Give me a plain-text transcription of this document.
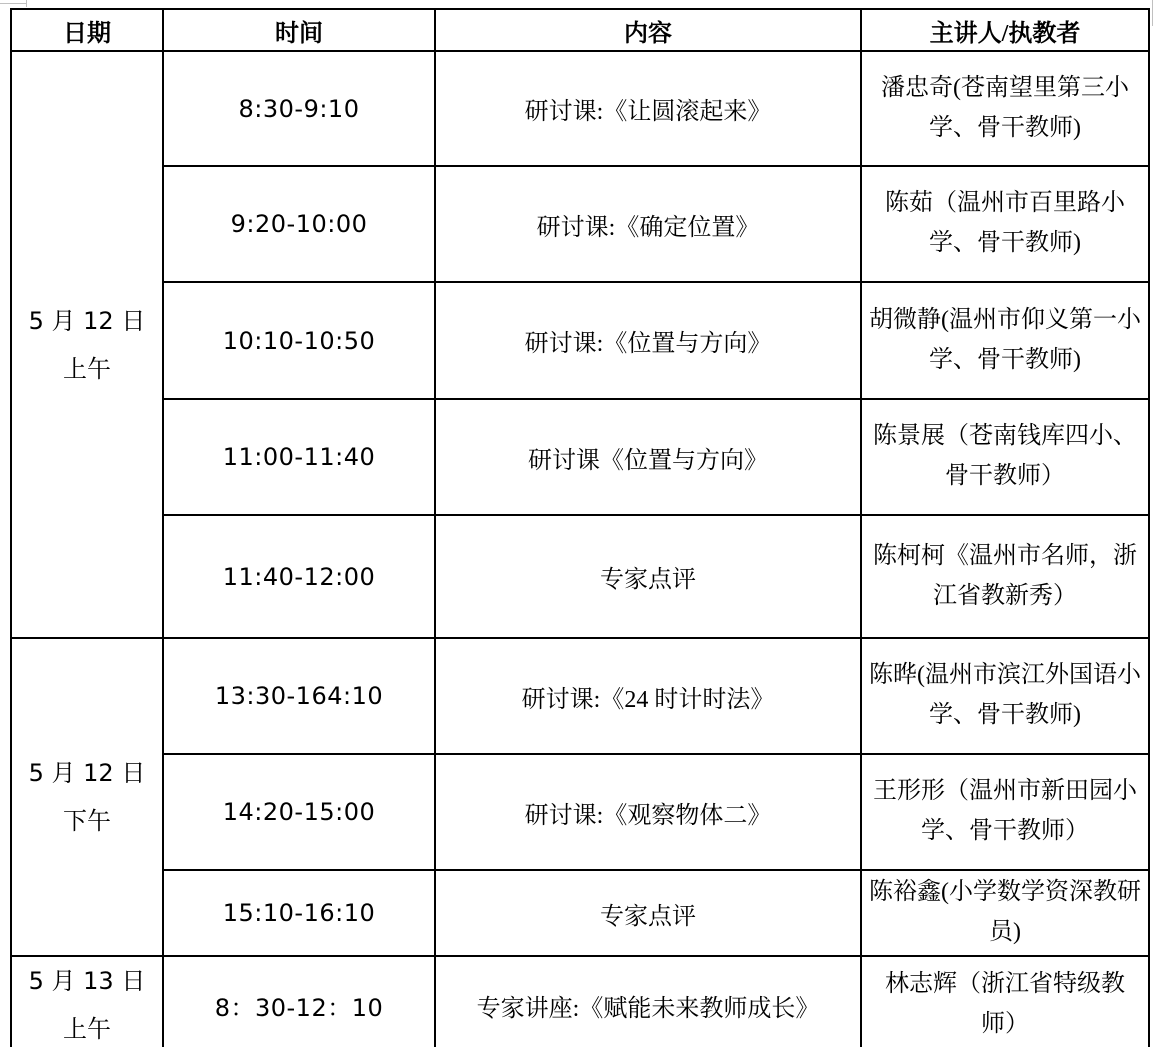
日期	时间	内容	主讲人/执教者

5 月 12 日
上午	8:30-9:10	研讨课:《让圆滚起来》	潘忠奇(苍南望里第三小学、骨干教师)
	9:20-10:00	研讨课:《确定位置》	陈茹（温州市百里路小学、骨干教师)
	10:10-10:50	研讨课:《位置与方向》	胡微静(温州市仰义第一小学、骨干教师)
	11:00-11:40	研讨课《位置与方向》	陈景展（苍南钱库四小、骨干教师）
	11:40-12:00	专家点评	陈柯柯《温州市名师，浙江省教新秀）

5 月 12 日
下午	13:30-164:10	研讨课:《24 时计时法》	陈晔(温州市滨江外国语小学、骨干教师)
	14:20-15:00	研讨课:《观察物体二》	王形形（温州市新田园小学、骨干教师）
	15:10-16:10	专家点评	陈裕鑫(小学数学资深教研员)

5 月 13 日
上午	8：30-12：10	专家讲座:《赋能未来教师成长》	林志辉（浙江省特级教师）
